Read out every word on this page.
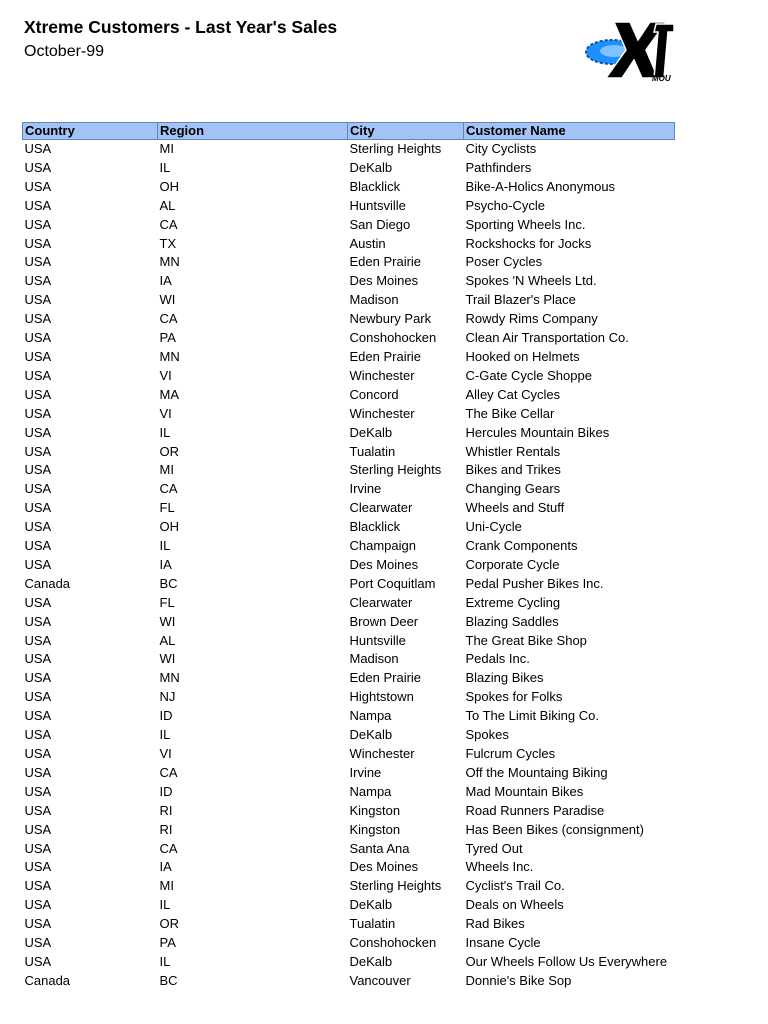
Xtreme Customers - Last Year's Sales
October-99
MOU
Country	Region	City	Customer Name
USA	MI	Sterling Heights	City Cyclists
USA	IL	DeKalb	Pathfinders
USA	OH	Blacklick	Bike-A-Holics Anonymous
USA	AL	Huntsville	Psycho-Cycle
USA	CA	San Diego	Sporting Wheels Inc.
USA	TX	Austin	Rockshocks for Jocks
USA	MN	Eden Prairie	Poser Cycles
USA	IA	Des Moines	Spokes 'N Wheels Ltd.
USA	WI	Madison	Trail Blazer's Place
USA	CA	Newbury Park	Rowdy Rims Company
USA	PA	Conshohocken	Clean Air Transportation Co.
USA	MN	Eden Prairie	Hooked on Helmets
USA	VI	Winchester	C-Gate Cycle Shoppe
USA	MA	Concord	Alley Cat Cycles
USA	VI	Winchester	The Bike Cellar
USA	IL	DeKalb	Hercules Mountain Bikes
USA	OR	Tualatin	Whistler Rentals
USA	MI	Sterling Heights	Bikes and Trikes
USA	CA	Irvine	Changing Gears
USA	FL	Clearwater	Wheels and Stuff
USA	OH	Blacklick	Uni-Cycle
USA	IL	Champaign	Crank Components
USA	IA	Des Moines	Corporate Cycle
Canada	BC	Port Coquitlam	Pedal Pusher Bikes Inc.
USA	FL	Clearwater	Extreme Cycling
USA	WI	Brown Deer	Blazing Saddles
USA	AL	Huntsville	The Great Bike Shop
USA	WI	Madison	Pedals Inc.
USA	MN	Eden Prairie	Blazing Bikes
USA	NJ	Hightstown	Spokes for Folks
USA	ID	Nampa	To The Limit Biking Co.
USA	IL	DeKalb	Spokes
USA	VI	Winchester	Fulcrum Cycles
USA	CA	Irvine	Off the Mountaing Biking
USA	ID	Nampa	Mad Mountain Bikes
USA	RI	Kingston	Road Runners Paradise
USA	RI	Kingston	Has Been Bikes (consignment)
USA	CA	Santa Ana	Tyred Out
USA	IA	Des Moines	Wheels Inc.
USA	MI	Sterling Heights	Cyclist's Trail Co.
USA	IL	DeKalb	Deals on Wheels
USA	OR	Tualatin	Rad Bikes
USA	PA	Conshohocken	Insane Cycle
USA	IL	DeKalb	Our Wheels Follow Us Everywhere
Canada	BC	Vancouver	Donnie's Bike Sop
